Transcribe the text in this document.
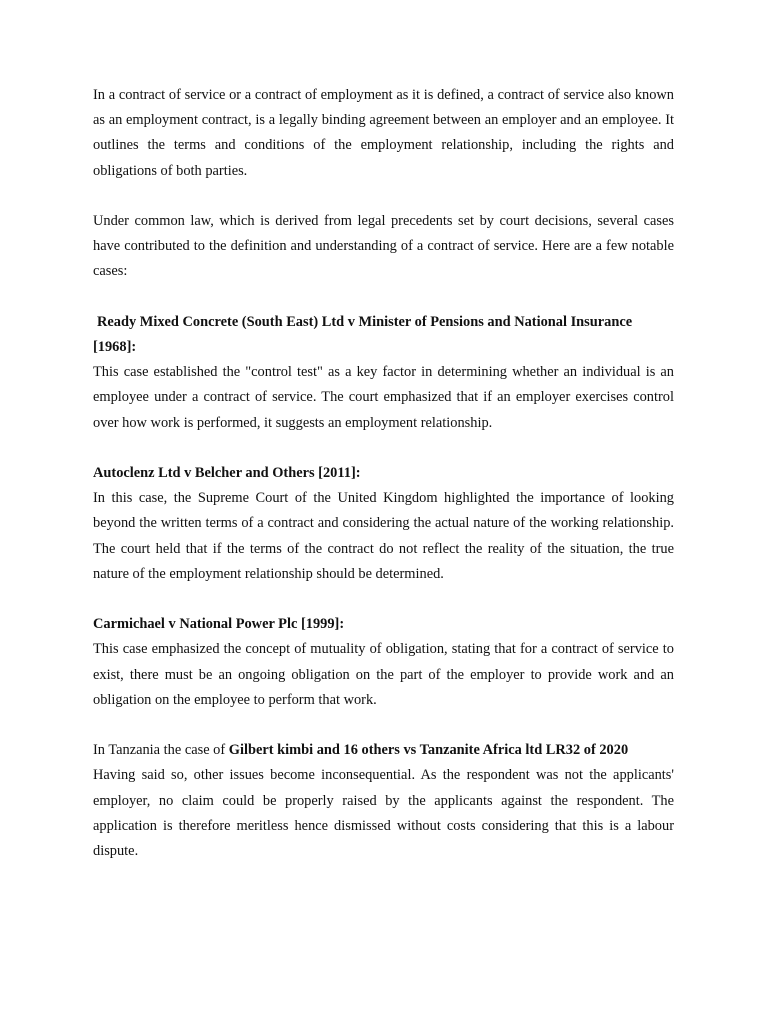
In a contract of service or a contract of employment as it is defined, a contract of service also known as an employment contract, is a legally binding agreement between an employer and an employee. It outlines the terms and conditions of the employment relationship, including the rights and obligations of both parties.

Under common law, which is derived from legal precedents set by court decisions, several cases have contributed to the definition and understanding of a contract of service. Here are a few notable cases:

Ready Mixed Concrete (South East) Ltd v Minister of Pensions and National Insurance [1968]:

This case established the "control test" as a key factor in determining whether an individual is an employee under a contract of service. The court emphasized that if an employer exercises control over how work is performed, it suggests an employment relationship.

Autoclenz Ltd v Belcher and Others [2011]:

In this case, the Supreme Court of the United Kingdom highlighted the importance of looking beyond the written terms of a contract and considering the actual nature of the working relationship. The court held that if the terms of the contract do not reflect the reality of the situation, the true nature of the employment relationship should be determined.

Carmichael v National Power Plc [1999]:

This case emphasized the concept of mutuality of obligation, stating that for a contract of service to exist, there must be an ongoing obligation on the part of the employer to provide work and an obligation on the employee to perform that work.

In Tanzania the case of Gilbert kimbi and 16 others vs Tanzanite Africa ltd LR32 of 2020

Having said so, other issues become inconsequential. As the respondent was not the applicants' employer, no claim could be properly raised by the applicants against the respondent. The application is therefore meritless hence dismissed without costs considering that this is a labour dispute.
